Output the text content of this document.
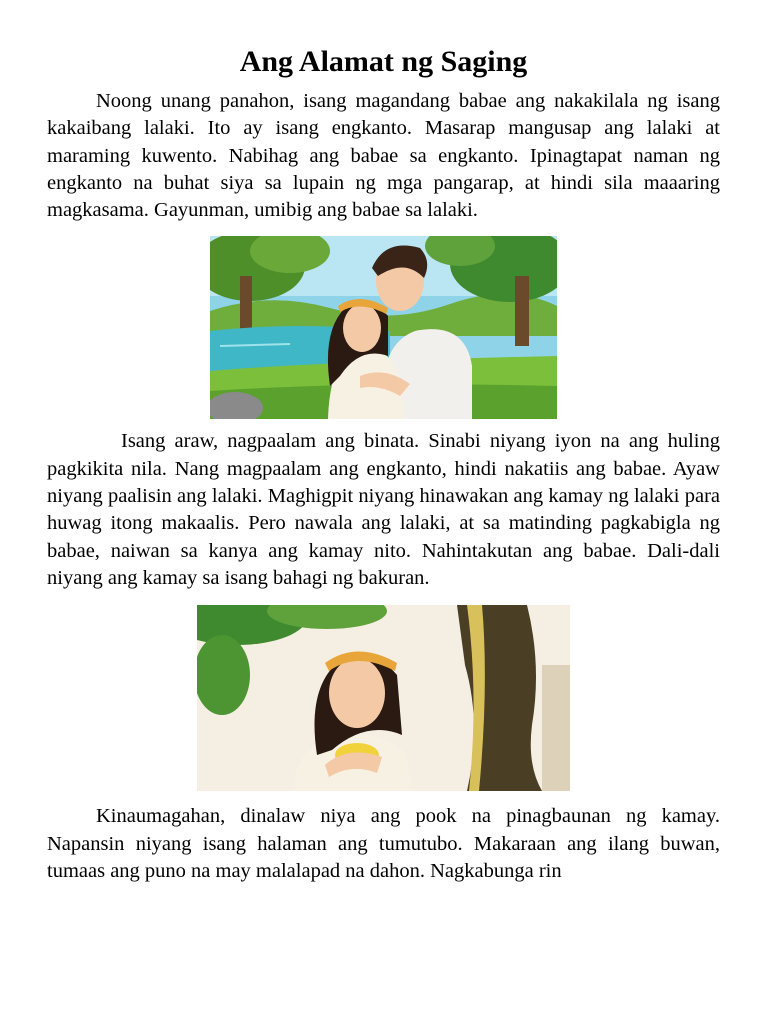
Ang Alamat ng Saging

Noong unang panahon, isang magandang babae ang nakakilala ng isang kakaibang lalaki. Ito ay isang engkanto. Masarap mangusap ang lalaki at maraming kuwento. Nabihag ang babae sa engkanto. Ipinagtapat naman ng engkanto na buhat siya sa lupain ng mga pangarap, at hindi sila maaaring magkasama. Gayunman, umibig ang babae sa lalaki.

Isang araw, nagpaalam ang binata. Sinabi niyang iyon na ang huling pagkikita nila. Nang magpaalam ang engkanto, hindi nakatiis ang babae. Ayaw niyang paalisin ang lalaki. Maghigpit niyang hinawakan ang kamay ng lalaki para huwag itong makaalis. Pero nawala ang lalaki, at sa matinding pagkabigla ng babae, naiwan sa kanya ang kamay nito. Nahintakutan ang babae. Dali-dali niyang ang kamay sa isang bahagi ng bakuran.

Kinaumagahan, dinalaw niya ang pook na pinagbaunan ng kamay. Napansin niyang isang halaman ang tumutubo. Makaraan ang ilang buwan, tumaas ang puno na may malalapad na dahon. Nagkabunga rin
